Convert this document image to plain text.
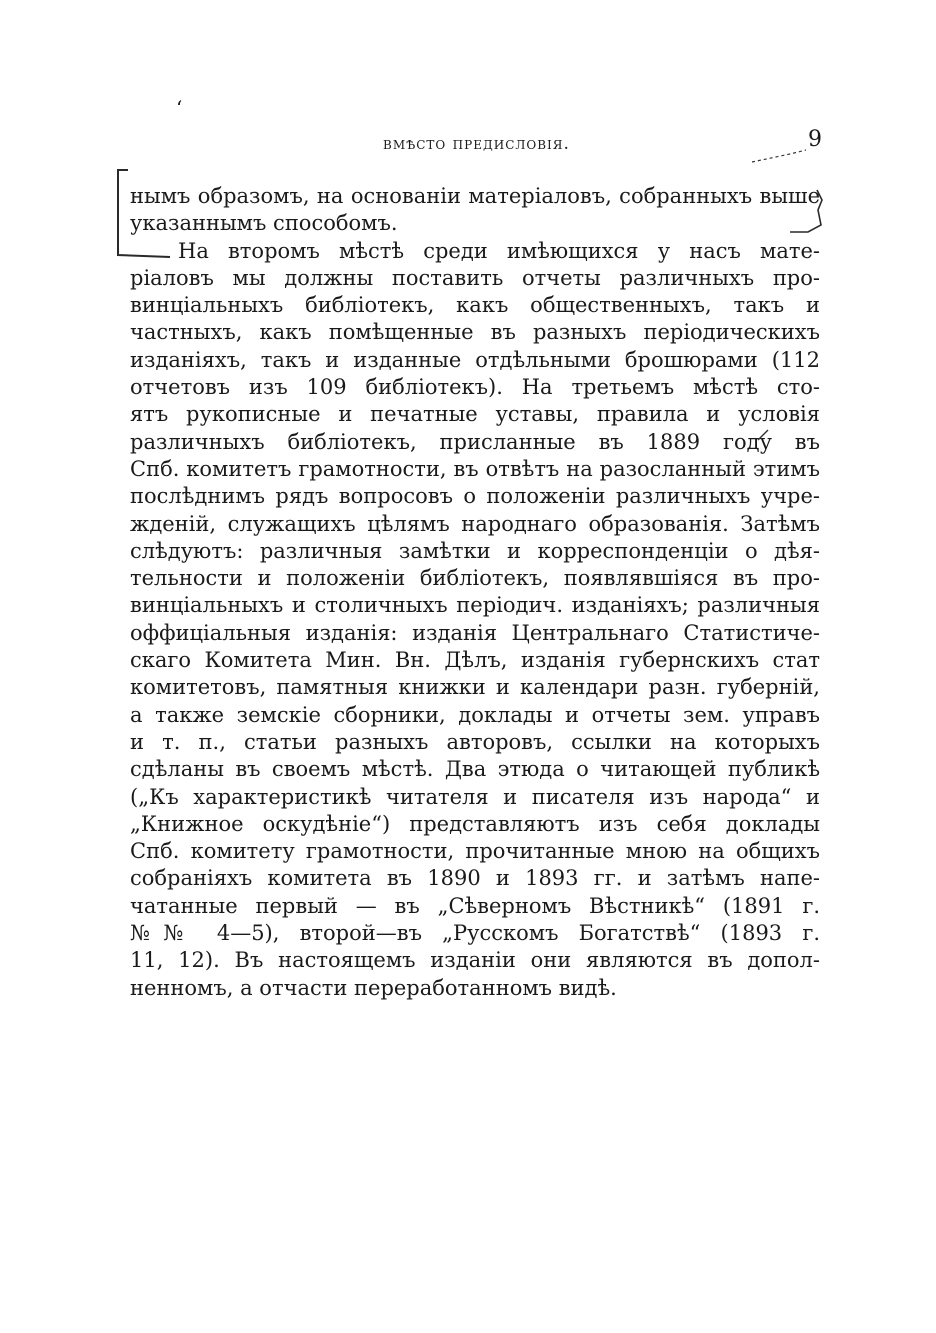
ʻ
вмѣсто предисловія.	9
нымъ образомъ, на основаніи матеріаловъ, собранныхъ выше
указаннымъ способомъ.
На второмъ мѣстѣ среди имѣющихся у насъ мате-
ріаловъ мы должны поставить отчеты различныхъ про-
винціальныхъ библіотекъ, какъ общественныхъ, такъ и
частныхъ, какъ помѣщенные въ разныхъ періодическихъ
изданіяхъ, такъ и изданные отдѣльными брошюрами (112
отчетовъ изъ 109 библіотекъ). На третьемъ мѣстѣ сто-
ятъ рукописные и печатные уставы, правила и условія
различныхъ библіотекъ, присланные въ 1889 году въ
Спб. комитетъ грамотности, въ отвѣтъ на разосланный этимъ
послѣднимъ рядъ вопросовъ о положеніи различныхъ учре-
жденій, служащихъ цѣлямъ народнаго образованія. Затѣмъ
слѣдуютъ: различныя замѣтки и корреспонденціи о дѣя-
тельности и положеніи библіотекъ, появлявшіяся въ про-
винціальныхъ и столичныхъ періодич. изданіяхъ; различныя
оффиціальныя изданія: изданія Центральнаго Статистиче-
скаго Комитета Мин. Вн. Дѣлъ, изданія губернскихъ стат
комитетовъ, памятныя книжки и календари разн. губерній,
а также земскіе сборники, доклады и отчеты зем. управъ
и т. п., статьи разныхъ авторовъ, ссылки на которыхъ
сдѣланы въ своемъ мѣстѣ. Два этюда о читающей публикѣ
(„Къ характеристикѣ читателя и писателя изъ народа“ и
„Книжное оскудѣніе“) представляютъ изъ себя доклады
Спб. комитету грамотности, прочитанные мною на общихъ
собраніяхъ комитета въ 1890 и 1893 гг. и затѣмъ напе-
чатанные первый — въ „Сѣверномъ Вѣстникѣ“ (1891 г.
№№ 4—5), второй—въ „Русскомъ Богатствѣ“ (1893 г.
11, 12). Въ настоящемъ изданіи они являются въ допол-
ненномъ, а отчасти переработанномъ видѣ.
